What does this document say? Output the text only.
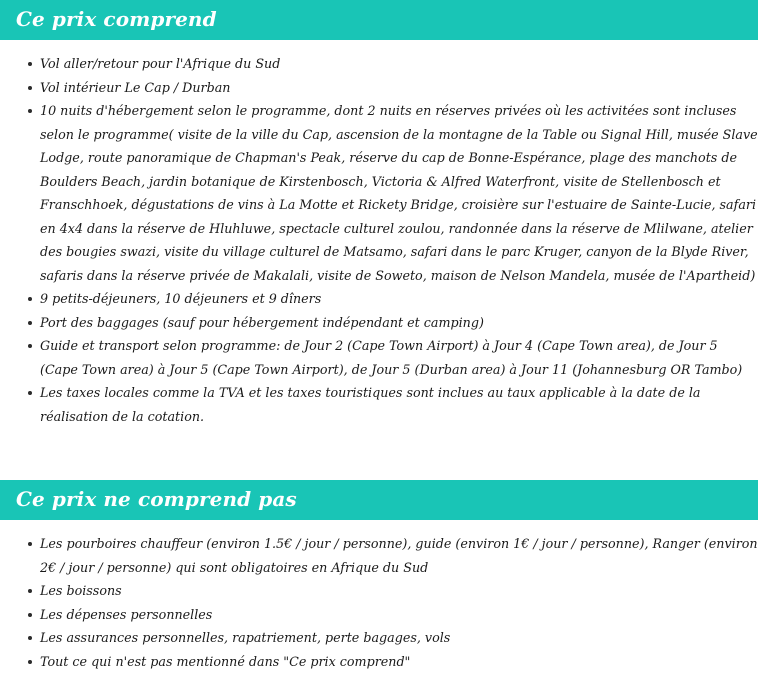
Ce prix comprend
Vol aller/retour pour l'Afrique du Sud
Vol intérieur Le Cap / Durban
10 nuits d'hébergement selon le programme, dont 2 nuits en réserves privées où les activitées sont incluses selon le programme( visite de la ville du Cap, ascension de la montagne de la Table ou Signal Hill, musée Slave Lodge, route panoramique de Chapman's Peak, réserve du cap de Bonne-Espérance, plage des manchots de Boulders Beach, jardin botanique de Kirstenbosch, Victoria & Alfred Waterfront, visite de Stellenbosch et Franschhoek, dégustations de vins à La Motte et Rickety Bridge, croisière sur l'estuaire de Sainte-Lucie, safari en 4x4 dans la réserve de Hluhluwe, spectacle culturel zoulou, randonnée dans la réserve de Mlilwane, atelier des bougies swazi, visite du village culturel de Matsamo, safari dans le parc Kruger, canyon de la Blyde River, safaris dans la réserve privée de Makalali, visite de Soweto, maison de Nelson Mandela, musée de l'Apartheid)
9 petits-déjeuners, 10 déjeuners et 9 dîners
Port des baggages (sauf pour hébergement indépendant et camping)
Guide et transport selon programme: de Jour 2 (Cape Town Airport) à Jour 4 (Cape Town area), de Jour 5 (Cape Town area) à Jour 5 (Cape Town Airport), de Jour 5 (Durban area) à Jour 11 (Johannesburg OR Tambo)
Les taxes locales comme la TVA et les taxes touristiques sont inclues au taux applicable à la date de la réalisation de la cotation.
Ce prix ne comprend pas
Les pourboires chauffeur (environ 1.5€ / jour / personne), guide (environ 1€ / jour / personne), Ranger (environ 2€ / jour / personne) qui sont obligatoires en Afrique du Sud
Les boissons
Les dépenses personnelles
Les assurances personnelles, rapatriement, perte bagages, vols
Tout ce qui n'est pas mentionné dans "Ce prix comprend"
